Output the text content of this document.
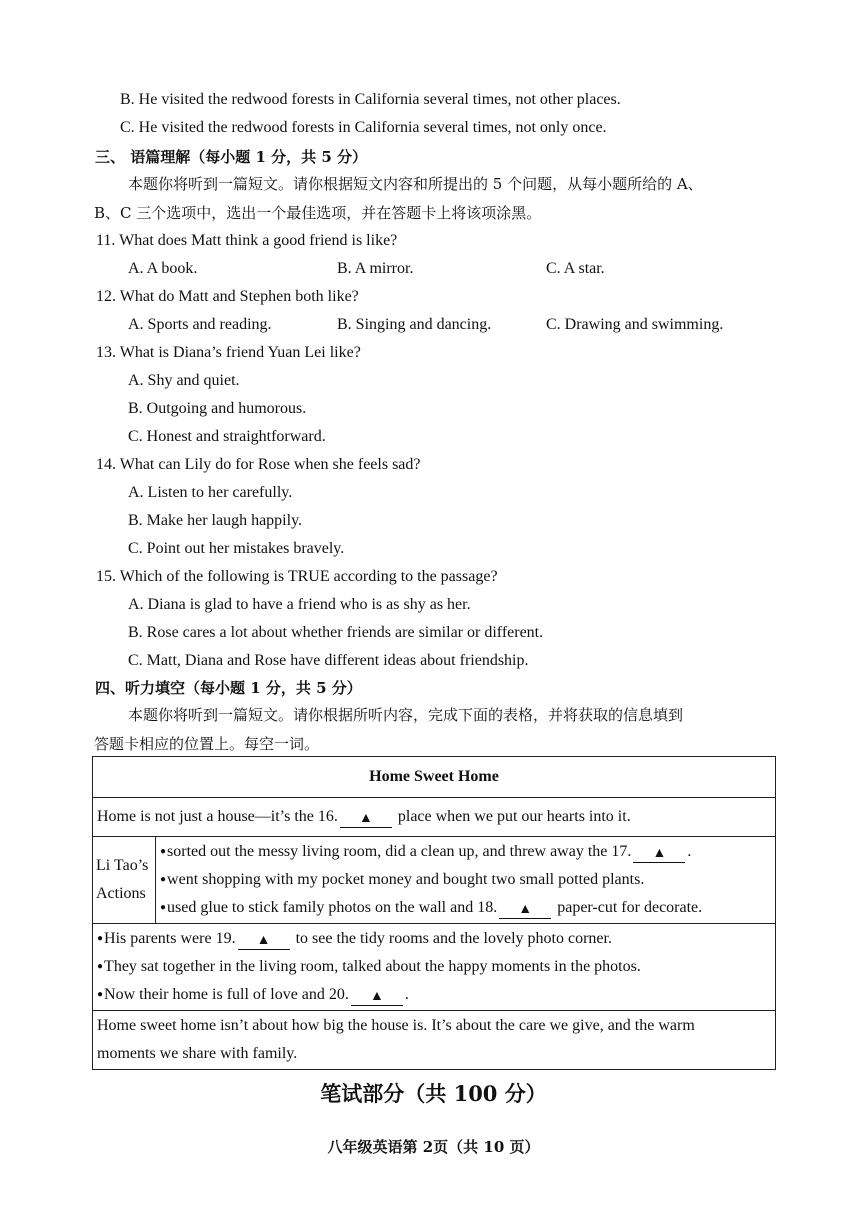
B. He visited the redwood forests in California several times, not other places.
C. He visited the redwood forests in California several times, not only once.
三、 语篇理解（每小题 1 分，共 5 分）
本题你将听到一篇短文。请你根据短文内容和所提出的 5 个问题，从每小题所给的 A、
B、C 三个选项中，选出一个最佳选项，并在答题卡上将该项涂黑。
11. What does Matt think a good friend is like?
A. A book.	B. A mirror.	C. A star.
12. What do Matt and Stephen both like?
A. Sports and reading.	B. Singing and dancing.	C. Drawing and swimming.
13. What is Diana’s friend Yuan Lei like?
A. Shy and quiet.
B. Outgoing and humorous.
C. Honest and straightforward.
14. What can Lily do for Rose when she feels sad?
A. Listen to her carefully.
B. Make her laugh happily.
C. Point out her mistakes bravely.
15. Which of the following is TRUE according to the passage?
A. Diana is glad to have a friend who is as shy as her.
B. Rose cares a lot about whether friends are similar or different.
C. Matt, Diana and Rose have different ideas about friendship.
四、听力填空（每小题 1 分，共 5 分）
本题你将听到一篇短文。请你根据所听内容，完成下面的表格，并将获取的信息填到
答题卡相应的位置上。每空一词。
Home Sweet Home

Home is not just a house—it’s the 16. ▲ place when we put our hearts into it.

Li Tao’s
Actions

●sorted out the messy living room, did a clean up, and threw away the 17. ▲ .
●went shopping with my pocket money and bought two small potted plants.
●used glue to stick family photos on the wall and 18. ▲ paper-cut for decorate.

●His parents were 19. ▲ to see the tidy rooms and the lovely photo corner.
●They sat together in the living room, talked about the happy moments in the photos.
●Now their home is full of love and 20. ▲ .

Home sweet home isn’t about how big the house is. It’s about the care we give, and the warm
moments we share with family.
笔试部分（共 100 分）
八年级英语第 2页（共 10 页）
